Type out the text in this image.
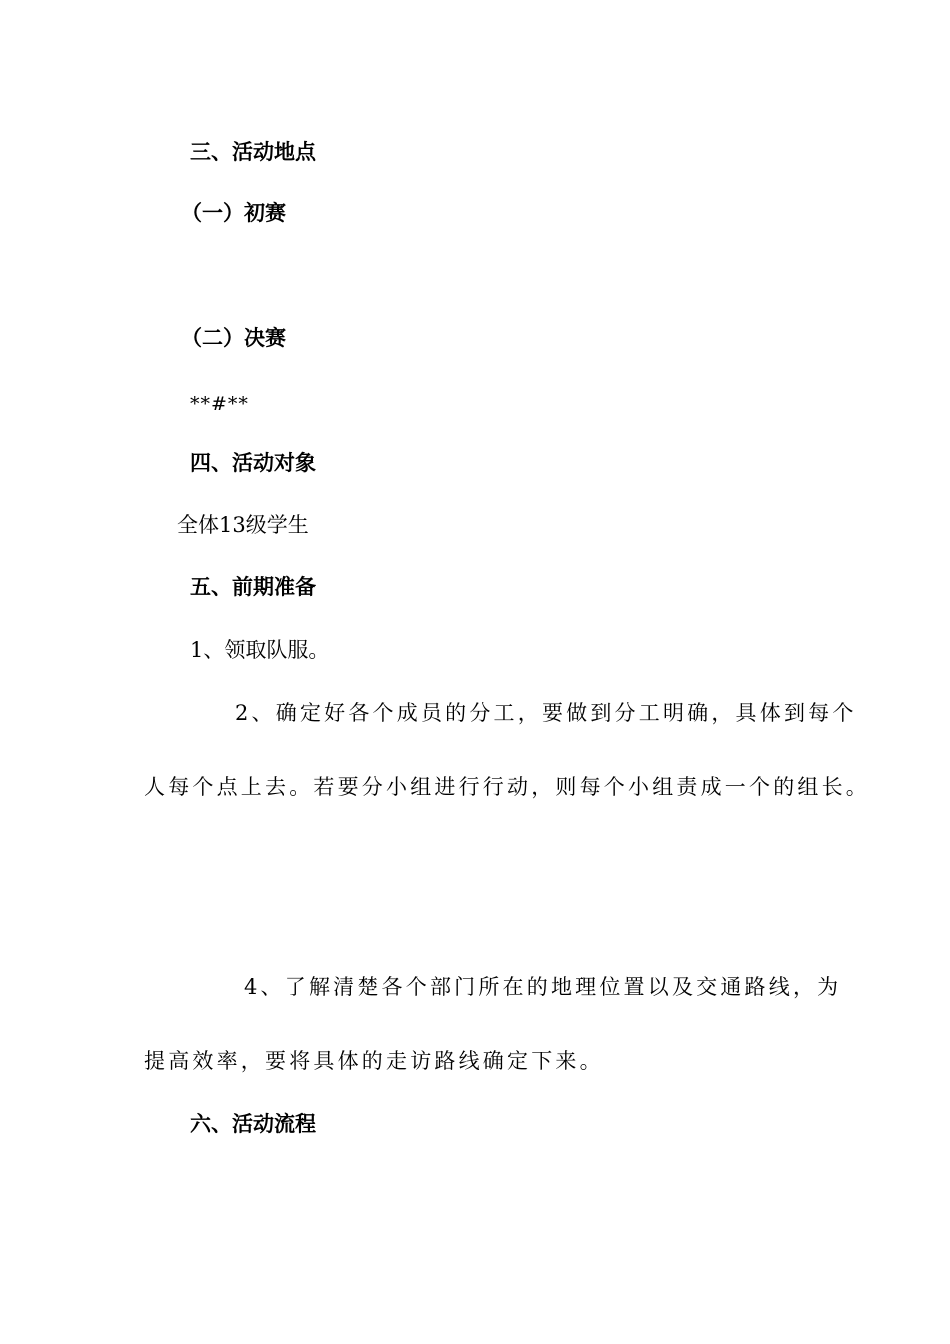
三、活动地点
（一）初赛
（二）决赛
**#**
四、活动对象
全体13级学生
五、前期准备
1、领取队服。
2、确定好各个成员的分工，要做到分工明确，具体到每个
人每个点上去。若要分小组进行行动，则每个小组责成一个的组长。
4、了解清楚各个部门所在的地理位置以及交通路线，为
提高效率，要将具体的走访路线确定下来。
六、活动流程
